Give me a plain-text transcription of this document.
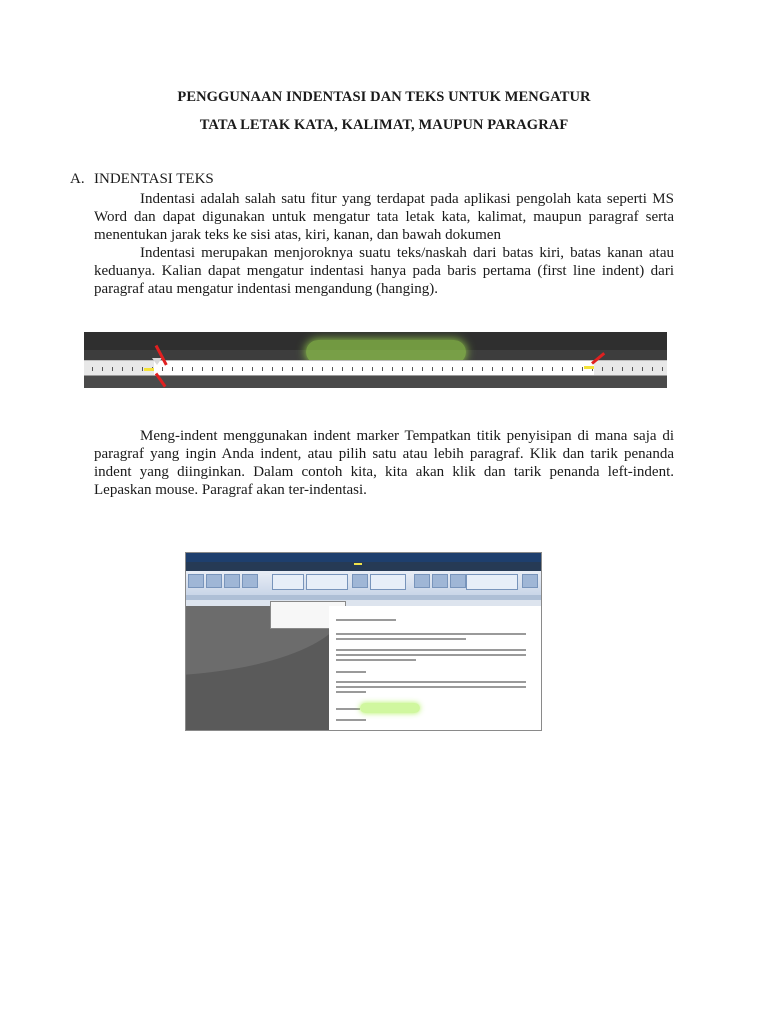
PENGGUNAAN INDENTASI DAN TEKS UNTUK MENGATUR
TATA LETAK KATA, KALIMAT, MAUPUN PARAGRAF
A. INDENTASI TEKS
Indentasi adalah salah satu fitur yang terdapat pada aplikasi pengolah kata seperti MS Word dan dapat digunakan untuk mengatur tata letak kata, kalimat, maupun paragraf serta menentukan jarak teks ke sisi atas, kiri, kanan, dan bawah dokumen
Indentasi merupakan menjoroknya suatu teks/naskah dari batas kiri, batas kanan atau keduanya. Kalian dapat mengatur indentasi hanya pada baris pertama (first line indent) dari paragraf atau mengatur indentasi mengandung (hanging).
Meng-indent menggunakan indent marker Tempatkan titik penyisipan di mana saja di paragraf yang ingin Anda indent, atau pilih satu atau lebih paragraf. Klik dan tarik penanda indent yang diinginkan. Dalam contoh kita, kita akan klik dan tarik penanda left-indent. Lepaskan mouse. Paragraf akan ter-indentasi.
